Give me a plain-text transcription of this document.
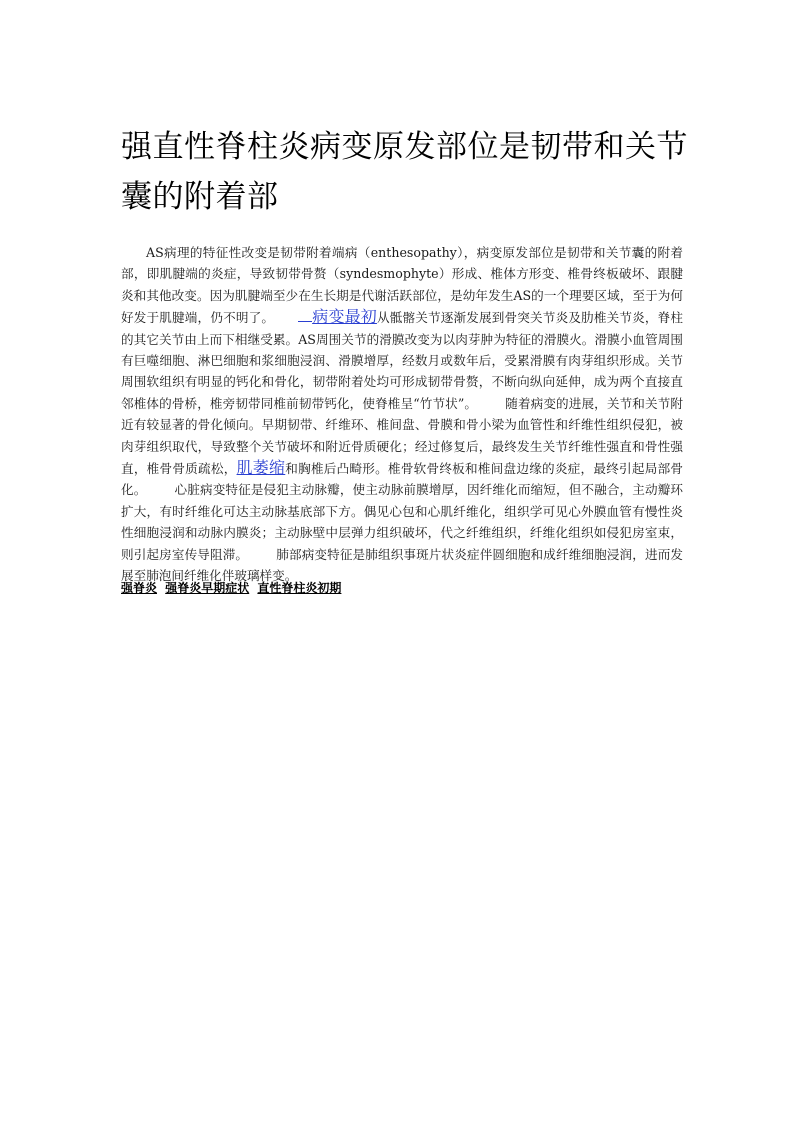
强直性脊柱炎病变原发部位是韧带和关节囊的附着部

AS病理的特征性改变是韧带附着端病（enthesopathy），病变原发部位是韧带和关节囊的附着部，即肌腱端的炎症，导致韧带骨赘（syndesmophyte）形成、椎体方形变、椎骨终板破坏、跟腱炎和其他改变。因为肌腱端至少在生长期是代谢活跃部位，是幼年发生AS的一个理要区域，至于为何好发于肌腱端，仍不明了。 病变最初从骶髂关节逐渐发展到骨突关节炎及肋椎关节炎，脊柱的其它关节由上而下相继受累。AS周围关节的滑膜改变为以肉芽肿为特征的滑膜火。滑膜小血管周围有巨噬细胞、淋巴细胞和浆细胞浸润、滑膜增厚，经数月或数年后，受累滑膜有肉芽组织形成。关节周围软组织有明显的钙化和骨化，韧带附着处均可形成韧带骨赘，不断向纵向延伸，成为两个直接直邻椎体的骨桥，椎旁韧带同椎前韧带钙化，使脊椎呈“竹节状”。 随着病变的进展，关节和关节附近有较显著的骨化倾向。早期韧带、纤维环、椎间盘、骨膜和骨小梁为血管性和纤维性组织侵犯，被肉芽组织取代，导致整个关节破坏和附近骨质硬化；经过修复后，最终发生关节纤维性强直和骨性强直，椎骨骨质疏松，肌萎缩和胸椎后凸畸形。椎骨软骨终板和椎间盘边缘的炎症，最终引起局部骨化。 心脏病变特征是侵犯主动脉瓣，使主动脉前膜增厚，因纤维化而缩短，但不融合，主动瓣环扩大，有时纤维化可达主动脉基底部下方。偶见心包和心肌纤维化，组织学可见心外膜血管有慢性炎性细胞浸润和动脉内膜炎；主动脉壁中层弹力组织破坏，代之纤维组织，纤维化组织如侵犯房室束，则引起房室传导阻滞。 肺部病变特征是肺组织事斑片状炎症伴圆细胞和成纤维细胞浸润，进而发展至肺泡间纤维化伴玻璃样变。

强脊炎 强脊炎早期症状 直性脊柱炎初期
